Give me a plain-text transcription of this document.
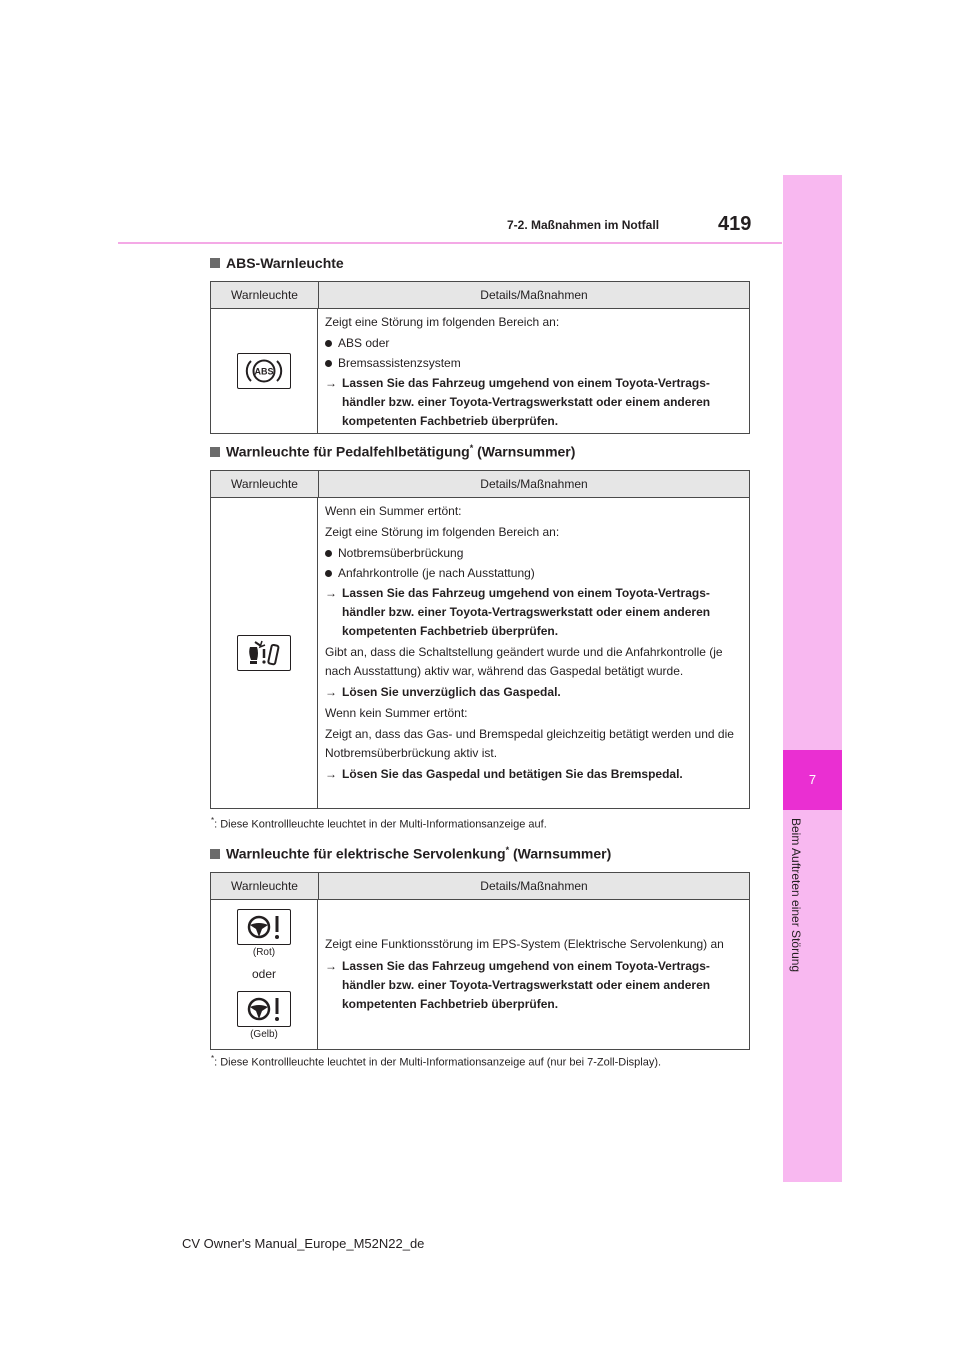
7
Beim Auftreten einer Störung
7-2. Maßnahmen im Notfall	419
ABS-Warnleuchte
Warnleuchte	Details/Maßnahmen
ABS

Zeigt eine Störung im folgenden Bereich an:

ABS oder
Bremsassistenzsystem
→ Lassen Sie das Fahrzeug umgehend von einem Toyota-Vertrags-händler bzw. einer Toyota-Vertragswerkstatt oder einem anderen kompetenten Fachbetrieb überprüfen.
Warnleuchte für Pedalfehlbetätigung* (Warnsummer)
Warnleuchte	Details/Maßnahmen

Wenn ein Summer ertönt:

Zeigt eine Störung im folgenden Bereich an:

Notbremsüberbrückung
Anfahrkontrolle (je nach Ausstattung)
→ Lassen Sie das Fahrzeug umgehend von einem Toyota-Vertrags-händler bzw. einer Toyota-Vertragswerkstatt oder einem anderen kompetenten Fachbetrieb überprüfen.

Gibt an, dass die Schaltstellung geändert wurde und die Anfahrkontrolle (je nach Ausstattung) aktiv war, während das Gaspedal betätigt wurde.

→ Lösen Sie unverzüglich das Gaspedal.

Wenn kein Summer ertönt:

Zeigt an, dass das Gas- und Bremspedal gleichzeitig betätigt werden und die Notbremsüberbrückung aktiv ist.

→ Lösen Sie das Gaspedal und betätigen Sie das Bremspedal.
*: Diese Kontrollleuchte leuchtet in der Multi-Informationsanzeige auf.
Warnleuchte für elektrische Servolenkung* (Warnsummer)
Warnleuchte	Details/Maßnahmen
(Rot)
oder
(Gelb)

Zeigt eine Funktionsstörung im EPS-System (Elektrische Servolenkung) an

→ Lassen Sie das Fahrzeug umgehend von einem Toyota-Vertrags-händler bzw. einer Toyota-Vertragswerkstatt oder einem anderen kompetenten Fachbetrieb überprüfen.
*: Diese Kontrollleuchte leuchtet in der Multi-Informationsanzeige auf (nur bei 7-Zoll-Display).
CV Owner's Manual_Europe_M52N22_de
